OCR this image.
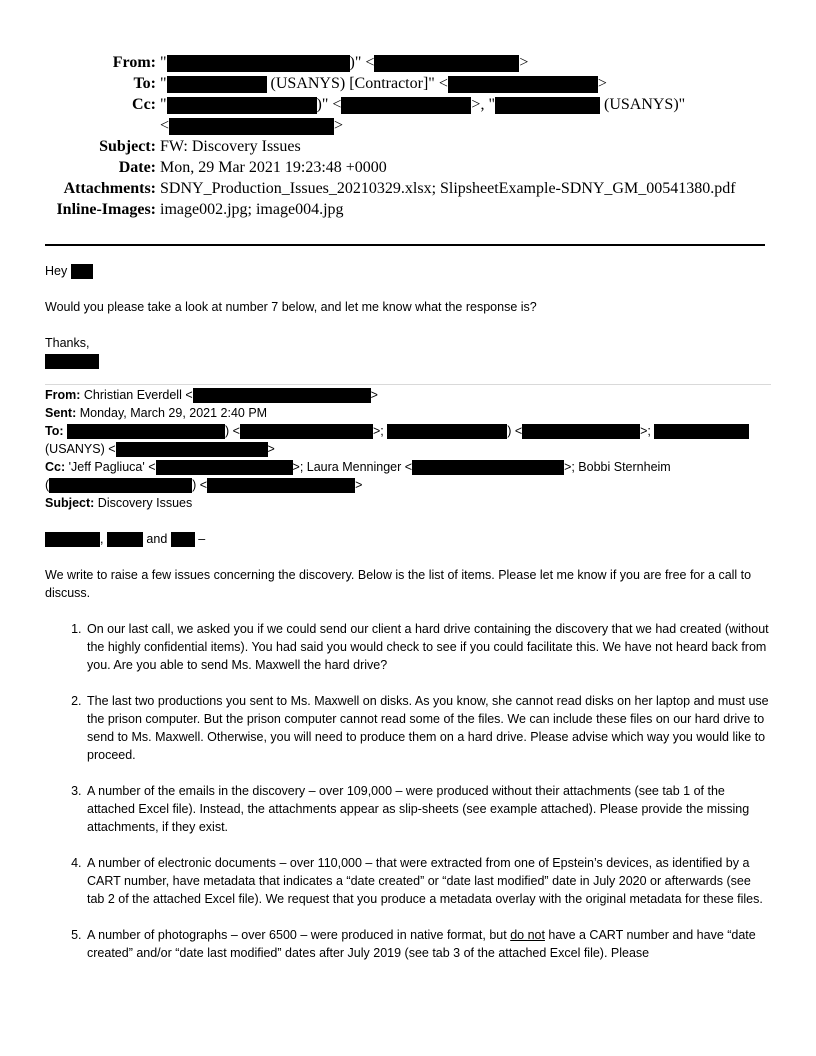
From: "	)" <	>
To: "	(USANYS) [Contractor]" <	>
Cc: "	)" <	>, "	(USANYS)"
<	>
Subject: FW: Discovery Issues
Date: Mon, 29 Mar 2021 19:23:48 +0000
Attachments: SDNY_Production_Issues_20210329.xlsx; SlipsheetExample-SDNY_GM_00541380.pdf
Inline-Images: image002.jpg; image004.jpg

Hey

Would you please take a look at number 7 below, and let me know what the response is?

Thanks,

From: Christian Everdell <	>
Sent: Monday, March 29, 2021 2:40 PM
To:	) <	>;	) <	>;
(USANYS) <	>
Cc: 'Jeff Pagliuca' <	>; Laura Menninger <	>; Bobbi Sternheim
(	) <	>
Subject: Discovery Issues

,	and  –

We write to raise a few issues concerning the discovery. Below is the list of items. Please let me know if you are free for a call to discuss.

1. On our last call, we asked you if we could send our client a hard drive containing the discovery that we had created (without the highly confidential items). You had said you would check to see if you could facilitate this. We have not heard back from you. Are you able to send Ms. Maxwell the hard drive?
2. The last two productions you sent to Ms. Maxwell on disks. As you know, she cannot read disks on her laptop and must use the prison computer. But the prison computer cannot read some of the files. We can include these files on our hard drive to send to Ms. Maxwell. Otherwise, you will need to produce them on a hard drive. Please advise which way you would like to proceed.
3. A number of the emails in the discovery – over 109,000 – were produced without their attachments (see tab 1 of the attached Excel file). Instead, the attachments appear as slip-sheets (see example attached). Please provide the missing attachments, if they exist.
4. A number of electronic documents – over 110,000 – that were extracted from one of Epstein’s devices, as identified by a CART number, have metadata that indicates a “date created” or “date last modified” date in July 2020 or afterwards (see tab 2 of the attached Excel file). We request that you produce a metadata overlay with the original metadata for these files.
5. A number of photographs – over 6500 – were produced in native format, but do not have a CART number and have “date created” and/or “date last modified” dates after July 2019 (see tab 3 of the attached Excel file). Please
